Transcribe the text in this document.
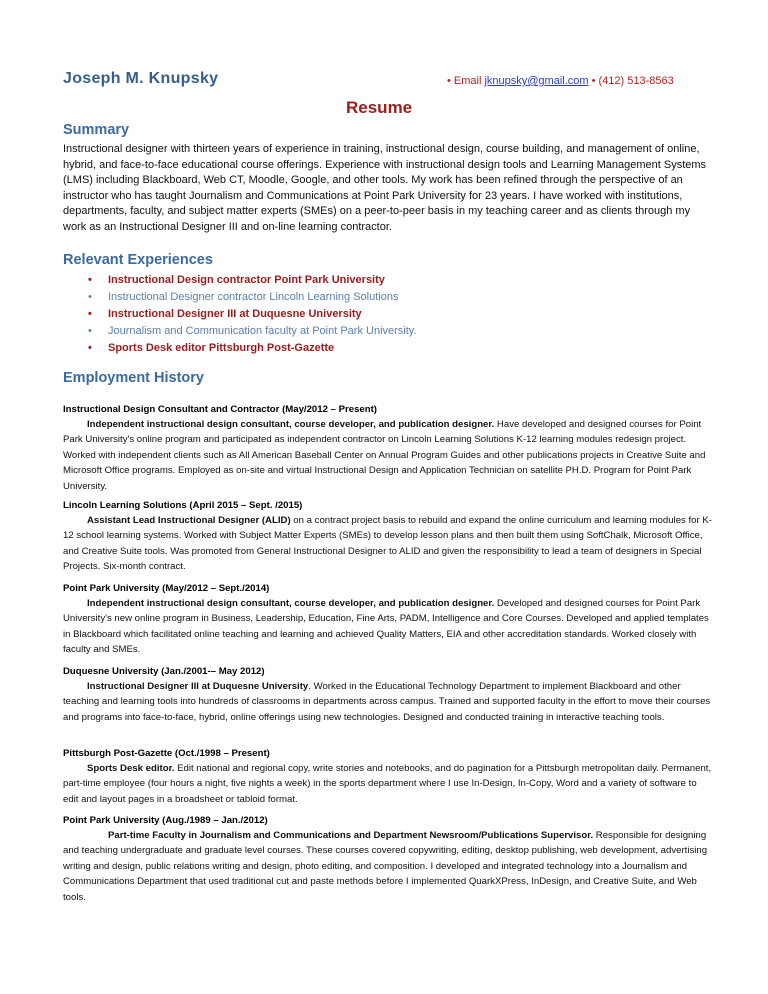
Joseph M. Knupsky	• Email jknupsky@gmail.com • (412) 513-8563
Resume
Summary
Instructional designer with thirteen years of experience in training, instructional design, course building, and management of online, hybrid, and face-to-face educational course offerings. Experience with instructional design tools and Learning Management Systems (LMS) including Blackboard, Web CT, Moodle, Google, and other tools. My work has been refined through the perspective of an instructor who has taught Journalism and Communications at Point Park University for 23 years. I have worked with institutions, departments, faculty, and subject matter experts (SMEs) on a peer-to-peer basis in my teaching career and as clients through my work as an Instructional Designer III and on-line learning contractor.
Relevant Experiences
• Instructional Design contractor Point Park University
• Instructional Designer contractor Lincoln Learning Solutions
• Instructional Designer III at Duquesne University
• Journalism and Communication faculty at Point Park University.
• Sports Desk editor Pittsburgh Post-Gazette
Employment History
Instructional Design Consultant and Contractor (May/2012 – Present)
Independent instructional design consultant, course developer, and publication designer. Have developed and designed courses for Point Park University's online program and participated as independent contractor on Lincoln Learning Solutions K-12 learning modules redesign project. Worked with independent clients such as All American Baseball Center on Annual Program Guides and other publications projects in Creative Suite and Microsoft Office programs. Employed as on-site and virtual Instructional Design and Application Technician on satellite PH.D. Program for Point Park University.
Lincoln Learning Solutions (April 2015 – Sept. /2015)
Assistant Lead Instructional Designer (ALID) on a contract project basis to rebuild and expand the online curriculum and learning modules for K-12 school learning systems. Worked with Subject Matter Experts (SMEs) to develop lesson plans and then built them using SoftChalk, Microsoft Office, and Creative Suite tools. Was promoted from General Instructional Designer to ALID and given the responsibility to lead a team of designers in Special Projects. Six-month contract.
Point Park University (May/2012 – Sept./2014)
Independent instructional design consultant, course developer, and publication designer. Developed and designed courses for Point Park University's new online program in Business, Leadership, Education, Fine Arts, PADM, Intelligence and Core Courses. Developed and applied templates in Blackboard which facilitated online teaching and learning and achieved Quality Matters, EIA and other accreditation standards. Worked closely with faculty and SMEs.
Duquesne University (Jan./2001-– May 2012)
Instructional Designer III at Duquesne University. Worked in the Educational Technology Department to implement Blackboard and other teaching and learning tools into hundreds of classrooms in departments across campus. Trained and supported faculty in the effort to move their courses and programs into face-to-face, hybrid, online offerings using new technologies. Designed and conducted training in interactive teaching tools.
Pittsburgh Post-Gazette (Oct./1998 – Present)
Sports Desk editor. Edit national and regional copy, write stories and notebooks, and do pagination for a Pittsburgh metropolitan daily. Permanent, part-time employee (four hours a night, five nights a week) in the sports department where I use In-Design, In-Copy, Word and a variety of software to edit and layout pages in a broadsheet or tabloid format.
Point Park University (Aug./1989 – Jan./2012)
Part-time Faculty in Journalism and Communications and Department Newsroom/Publications Supervisor. Responsible for designing and teaching undergraduate and graduate level courses. These courses covered copywriting, editing, desktop publishing, web development, advertising writing and design, public relations writing and design, photo editing, and composition. I developed and integrated technology into a Journalism and Communications Department that used traditional cut and paste methods before I implemented QuarkXPress, InDesign, and Creative Suite, and Web tools.
